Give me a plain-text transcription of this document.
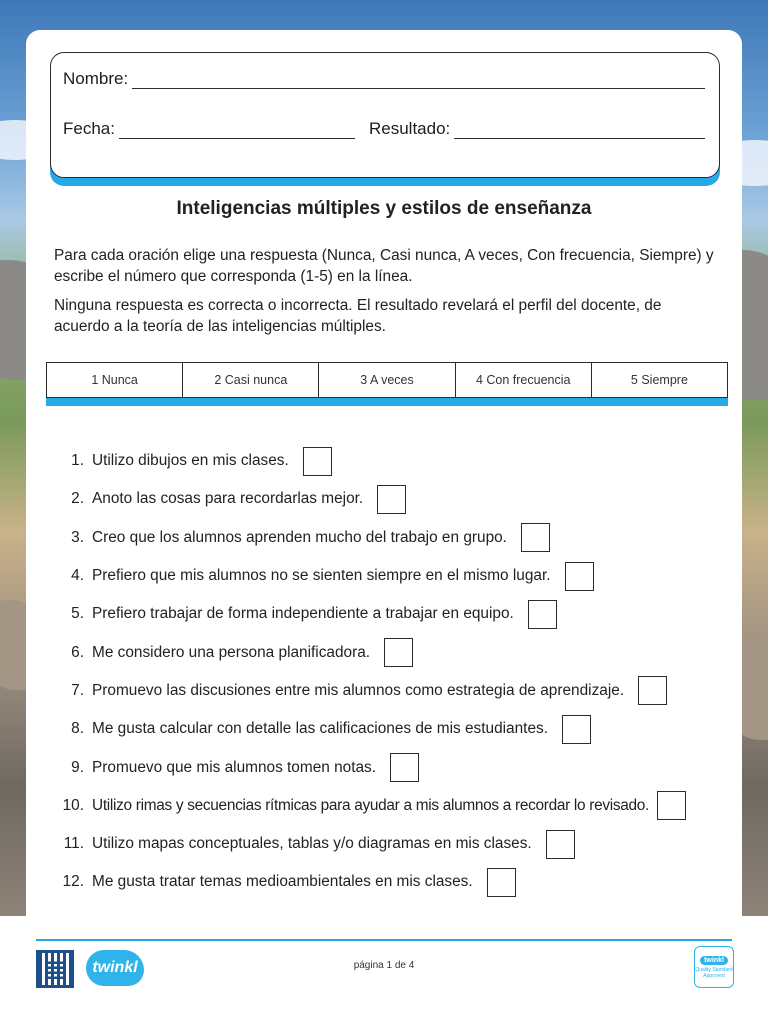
Nombre:
Fecha:	Resultado:
Inteligencias múltiples y estilos de enseñanza

Para cada oración elige una respuesta (Nunca, Casi nunca, A veces, Con frecuencia, Siempre) y escribe el número que corresponda (1-5) en la línea.

Ninguna respuesta es correcta o incorrecta. El resultado revelará el perfil del docente, de acuerdo a la teoría de las inteligencias múltiples.

1 Nunca	2 Casi nunca	3 A veces	4 Con frecuencia	5 Siempre
1. Utilizo dibujos en mis clases.
2. Anoto las cosas para recordarlas mejor.
3. Creo que los alumnos aprenden mucho del trabajo en grupo.
4. Prefiero que mis alumnos no se sienten siempre en el mismo lugar.
5. Prefiero trabajar de forma independiente a trabajar en equipo.
6. Me considero una persona planificadora.
7. Promuevo las discusiones entre mis alumnos como estrategia de aprendizaje.
8. Me gusta calcular con detalle las calificaciones de mis estudiantes.
9. Promuevo que mis alumnos tomen notas.
10. Utilizo rimas y secuencias rítmicas para ayudar a mis alumnos a recordar lo revisado.
11. Utilizo mapas conceptuales, tablas y/o diagramas en mis clases.
12. Me gusta tratar temas medioambientales en mis clases.
twinkl	página 1 de 4	twinkl
Quality Standard Approved
